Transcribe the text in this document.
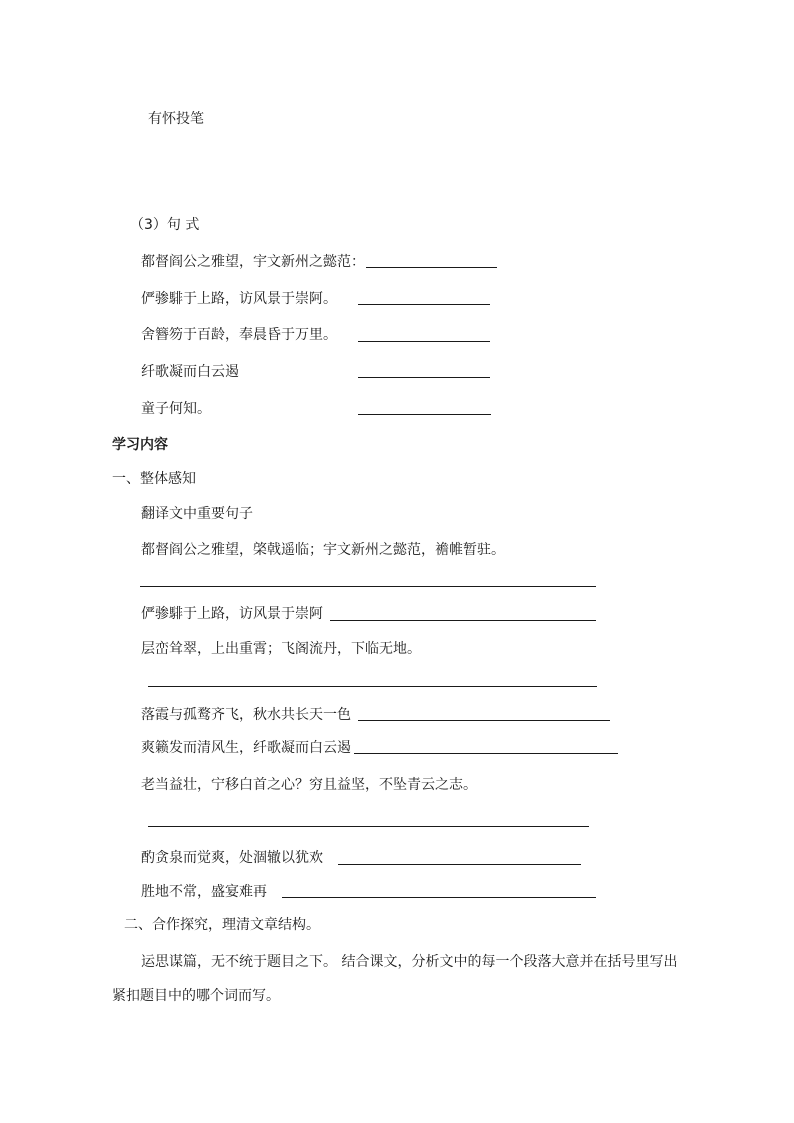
有怀投笔
（3）句 式
都督阎公之雅望，宇文新州之懿范：
俨骖騑于上路，访风景于崇阿。
舍簪笏于百龄，奉晨昏于万里。
纤歌凝而白云遏
童子何知。
学习内容
一、整体感知
翻译文中重要句子
都督阎公之雅望，棨戟遥临；宇文新州之懿范，襜帷暂驻。
俨骖騑于上路，访风景于崇阿
层峦耸翠，上出重霄；飞阁流丹，下临无地。
落霞与孤鹜齐飞，秋水共长天一色
爽籁发而清风生，纤歌凝而白云遏
老当益壮，宁移白首之心？穷且益坚，不坠青云之志。
酌贪泉而觉爽，处涸辙以犹欢
胜地不常，盛宴难再
二、合作探究，理清文章结构。
运思谋篇，无不统于题目之下。 结合课文，分析文中的每一个段落大意并在括号里写出
紧扣题目中的哪个词而写。
